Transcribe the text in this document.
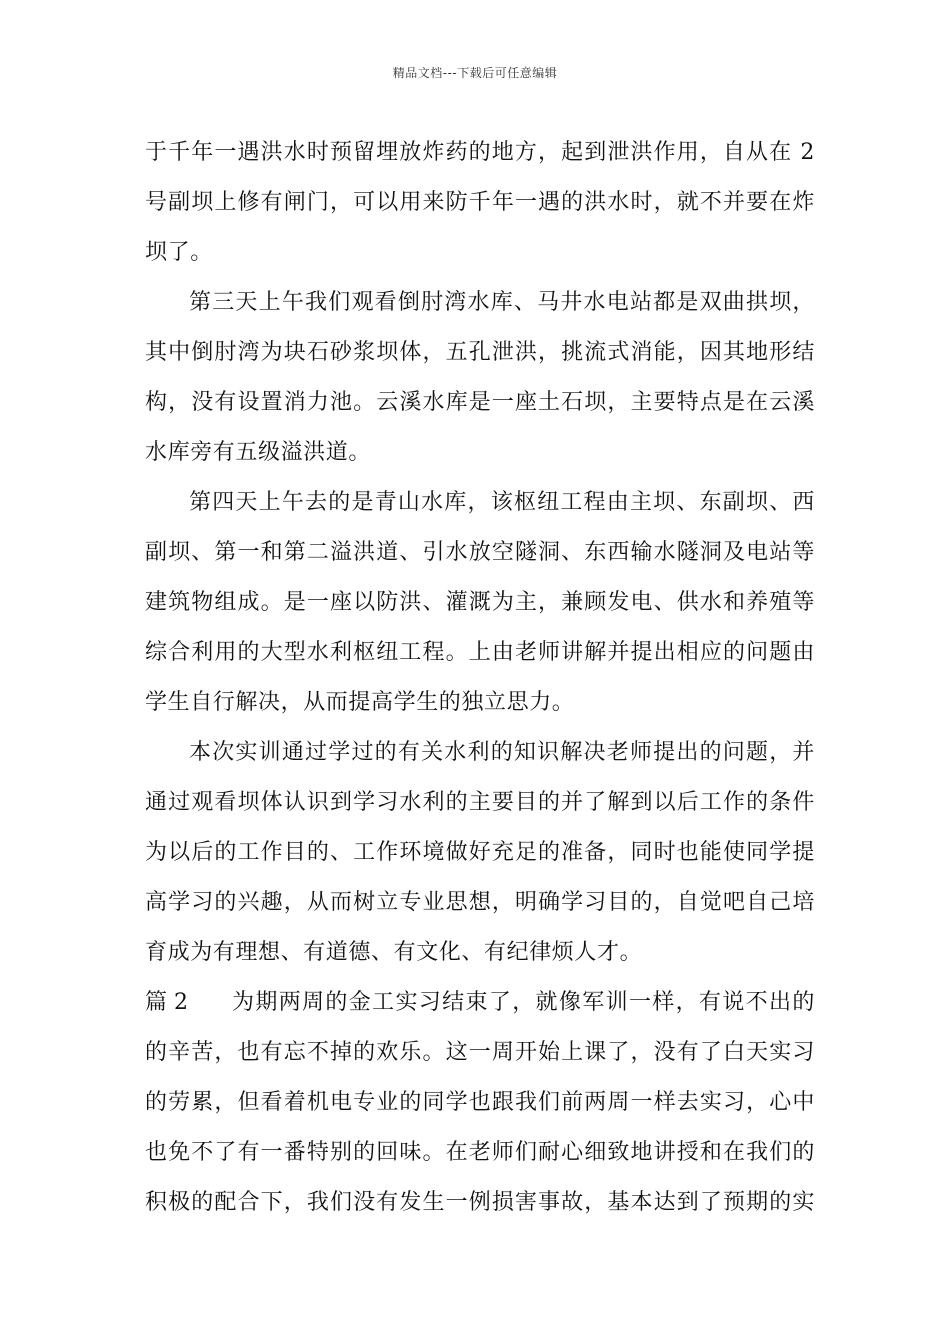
精品文档---下载后可任意编辑
于千年一遇洪水时预留埋放炸药的地方，起到泄洪作用，自从在 2
号副坝上修有闸门，可以用来防千年一遇的洪水时，就不并要在炸
坝了。
第三天上午我们观看倒肘湾水库、马井水电站都是双曲拱坝，
其中倒肘湾为块石砂浆坝体，五孔泄洪，挑流式消能，因其地形结
构，没有设置消力池。云溪水库是一座土石坝，主要特点是在云溪
水库旁有五级溢洪道。
第四天上午去的是青山水库，该枢纽工程由主坝、东副坝、西
副坝、第一和第二溢洪道、引水放空隧洞、东西输水隧洞及电站等
建筑物组成。是一座以防洪、灌溉为主，兼顾发电、供水和养殖等
综合利用的大型水利枢纽工程。上由老师讲解并提出相应的问题由
学生自行解决，从而提高学生的独立思力。
本次实训通过学过的有关水利的知识解决老师提出的问题，并
通过观看坝体认识到学习水利的主要目的并了解到以后工作的条件
为以后的工作目的、工作环境做好充足的准备，同时也能使同学提
高学习的兴趣，从而树立专业思想，明确学习目的，自觉吧自己培
育成为有理想、有道德、有文化、有纪律烦人才。
篇 2 为期两周的金工实习结束了，就像军训一样，有说不出的
的辛苦，也有忘不掉的欢乐。这一周开始上课了，没有了白天实习
的劳累，但看着机电专业的同学也跟我们前两周一样去实习，心中
也免不了有一番特别的回味。在老师们耐心细致地讲授和在我们的
积极的配合下，我们没有发生一例损害事故，基本达到了预期的实
